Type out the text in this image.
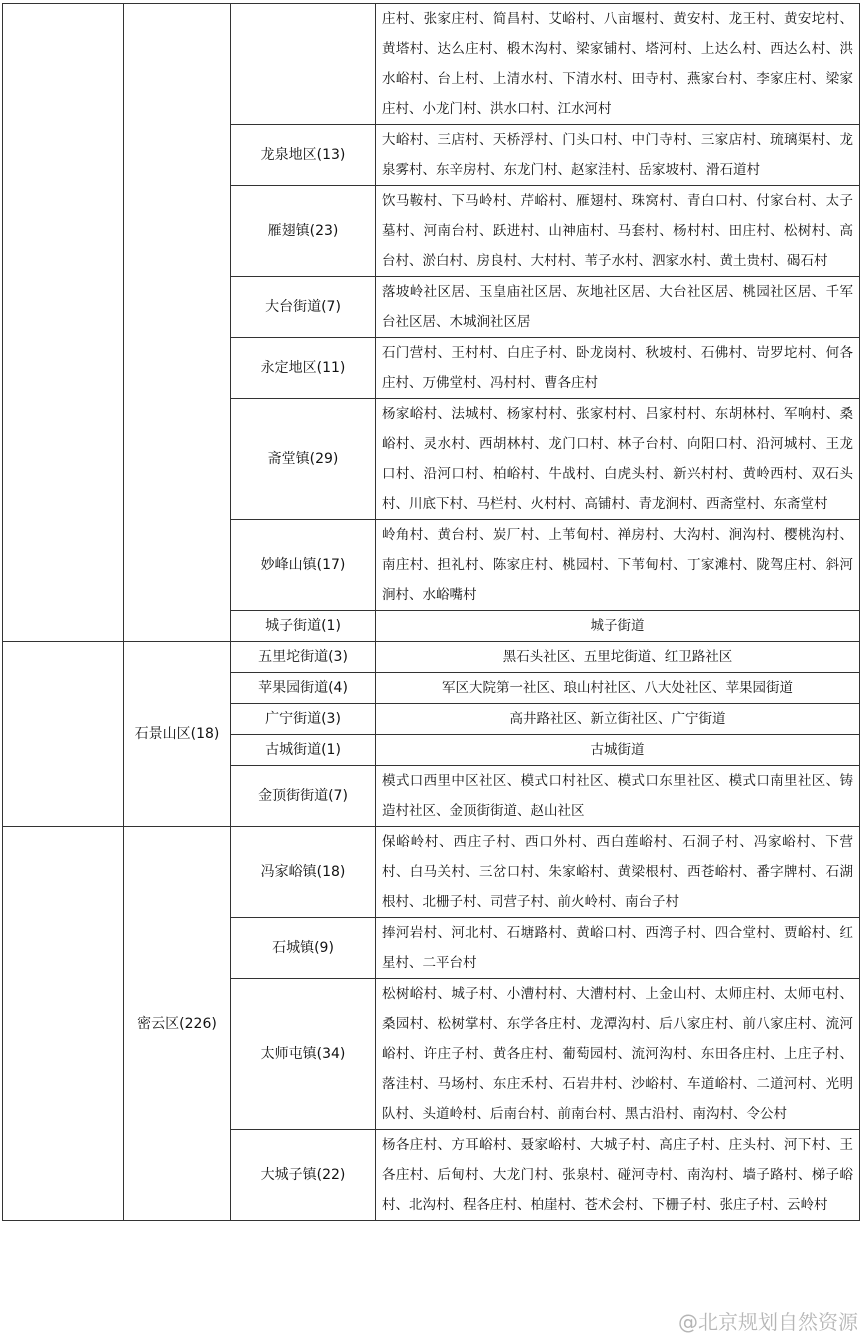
			庄村、张家庄村、简昌村、艾峪村、八亩堰村、黄安村、龙王村、黄安坨村、黄塔村、达么庄村、椴木沟村、梁家铺村、塔河村、上达么村、西达么村、洪水峪村、台上村、上清水村、下清水村、田寺村、燕家台村、李家庄村、梁家庄村、小龙门村、洪水口村、江水河村
		龙泉地区(13)	大峪村、三店村、天桥浮村、门头口村、中门寺村、三家店村、琉璃渠村、龙泉雾村、东辛房村、东龙门村、赵家洼村、岳家坡村、滑石道村
		雁翅镇(23)	饮马鞍村、下马岭村、芹峪村、雁翅村、珠窝村、青白口村、付家台村、太子墓村、河南台村、跃进村、山神庙村、马套村、杨村村、田庄村、松树村、高台村、淤白村、房良村、大村村、苇子水村、泗家水村、黄土贵村、碣石村
		大台街道(7)	落坡岭社区居、玉皇庙社区居、灰地社区居、大台社区居、桃园社区居、千军台社区居、木城涧社区居
		永定地区(11)	石门营村、王村村、白庄子村、卧龙岗村、秋坡村、石佛村、岢罗坨村、何各庄村、万佛堂村、冯村村、曹各庄村
		斋堂镇(29)	杨家峪村、法城村、杨家村村、张家村村、吕家村村、东胡林村、军响村、桑峪村、灵水村、西胡林村、龙门口村、林子台村、向阳口村、沿河城村、王龙口村、沿河口村、柏峪村、牛战村、白虎头村、新兴村村、黄岭西村、双石头村、川底下村、马栏村、火村村、高铺村、青龙涧村、西斋堂村、东斋堂村
		妙峰山镇(17)	岭角村、黄台村、炭厂村、上苇甸村、禅房村、大沟村、涧沟村、樱桃沟村、南庄村、担礼村、陈家庄村、桃园村、下苇甸村、丁家滩村、陇驾庄村、斜河涧村、水峪嘴村
		城子街道(1)	城子街道
	石景山区(18)	五里坨街道(3)	黑石头社区、五里坨街道、红卫路社区
		苹果园街道(4)	军区大院第一社区、琅山村社区、八大处社区、苹果园街道
		广宁街道(3)	高井路社区、新立街社区、广宁街道
		古城街道(1)	古城街道
		金顶街街道(7)	模式口西里中区社区、模式口村社区、模式口东里社区、模式口南里社区、铸造村社区、金顶街街道、赵山社区
	密云区(226)	冯家峪镇(18)	保峪岭村、西庄子村、西口外村、西白莲峪村、石洞子村、冯家峪村、下营村、白马关村、三岔口村、朱家峪村、黄梁根村、西苍峪村、番字牌村、石湖根村、北栅子村、司营子村、前火岭村、南台子村
		石城镇(9)	捧河岩村、河北村、石塘路村、黄峪口村、西湾子村、四合堂村、贾峪村、红星村、二平台村
		太师屯镇(34)	松树峪村、城子村、小漕村村、大漕村村、上金山村、太师庄村、太师屯村、桑园村、松树掌村、东学各庄村、龙潭沟村、后八家庄村、前八家庄村、流河峪村、许庄子村、黄各庄村、葡萄园村、流河沟村、东田各庄村、上庄子村、落洼村、马场村、东庄禾村、石岩井村、沙峪村、车道峪村、二道河村、光明队村、头道岭村、后南台村、前南台村、黑古沿村、南沟村、令公村
		大城子镇(22)	杨各庄村、方耳峪村、聂家峪村、大城子村、高庄子村、庄头村、河下村、王各庄村、后甸村、大龙门村、张泉村、碰河寺村、南沟村、墙子路村、梯子峪村、北沟村、程各庄村、柏崖村、苍术会村、下栅子村、张庄子村、云岭村
@北京规划自然资源
